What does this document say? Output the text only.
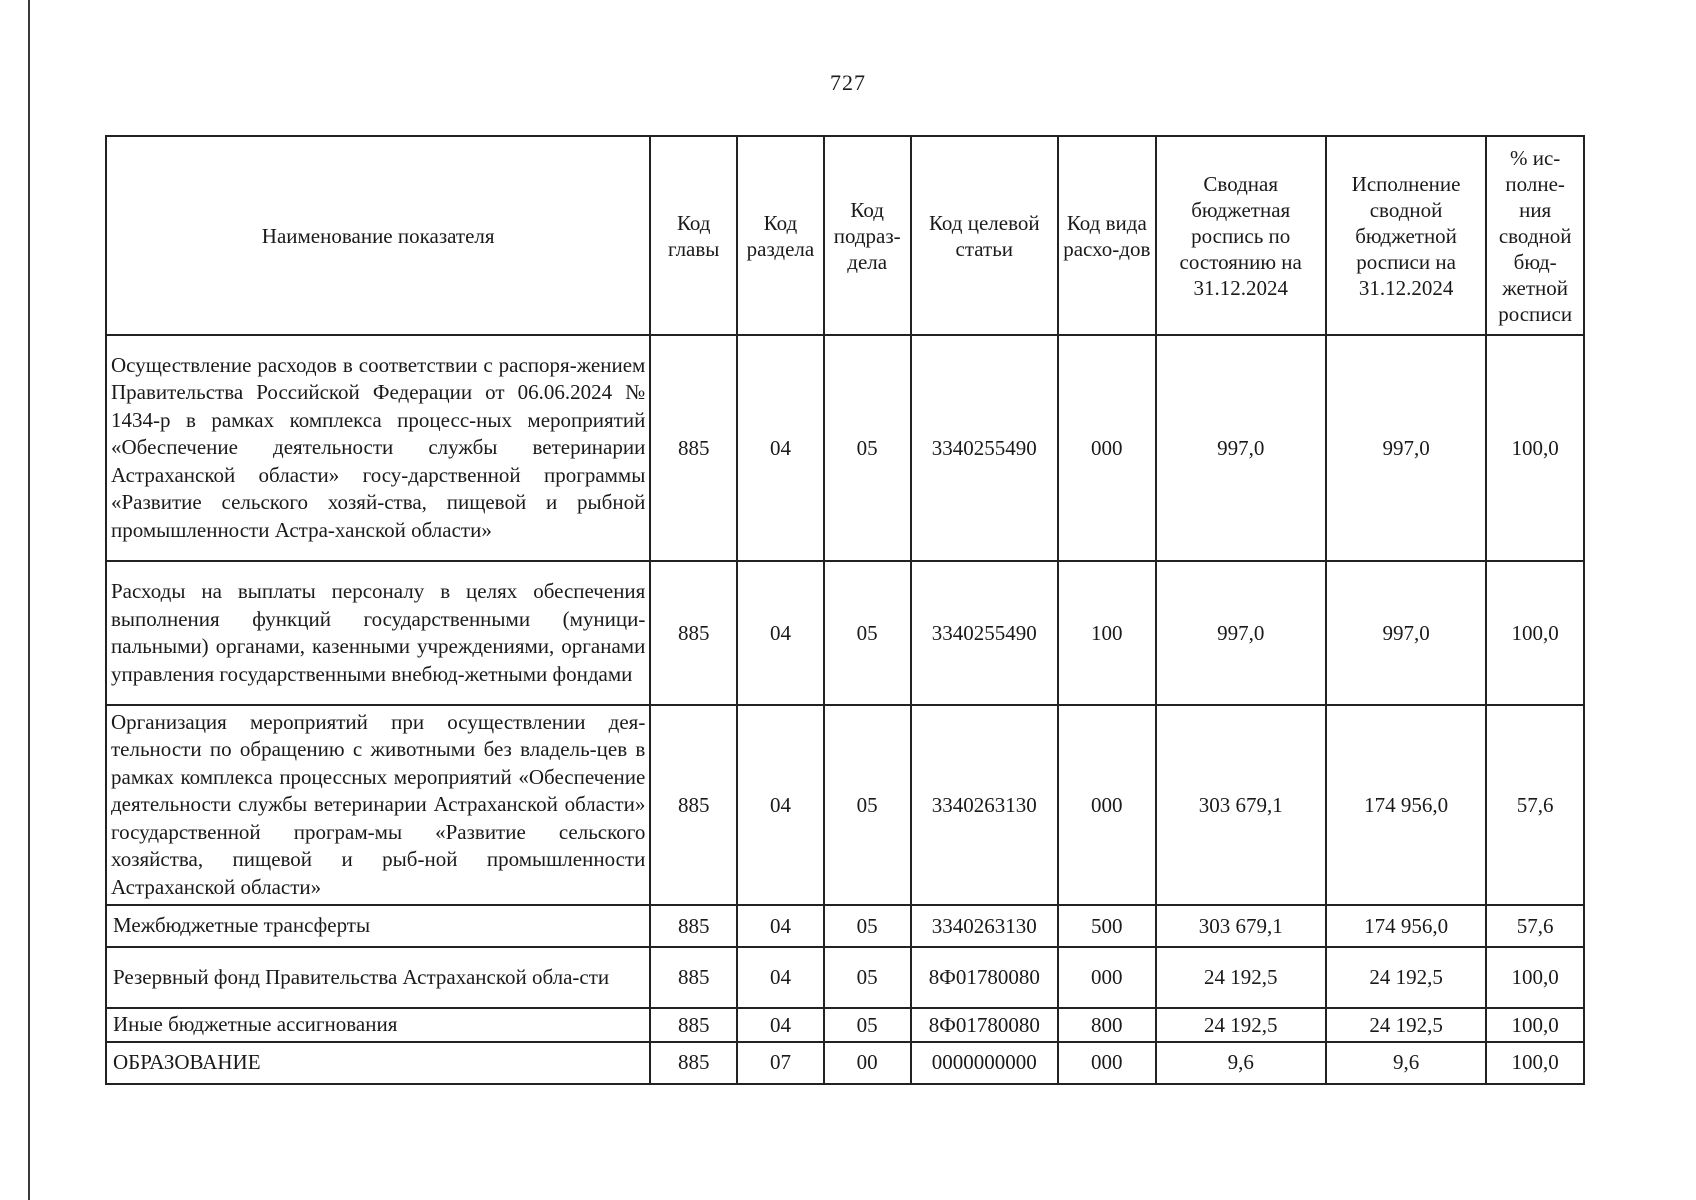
727
Наименование показателя	Код главы	Код раздела	Код подраз-дела	Код целевой статьи	Код вида расхо-дов	Сводная бюджетная роспись по состоянию на 31.12.2024	Исполнение сводной бюджетной росписи на 31.12.2024	% ис-полне-ния сводной бюд-жетной росписи
Осуществление расходов в соответствии с распоря-жением Правительства Российской Федерации от 06.06.2024 № 1434-р в рамках комплекса процесс-ных мероприятий «Обеспечение деятельности службы ветеринарии Астраханской области» госу-дарственной программы «Развитие сельского хозяй-ства, пищевой и рыбной промышленности Астра-ханской области»	885	04	05	3340255490	000	997,0	997,0	100,0
Расходы на выплаты персоналу в целях обеспечения выполнения функций государственными (муници-пальными) органами, казенными учреждениями, органами управления государственными внебюд-жетными фондами	885	04	05	3340255490	100	997,0	997,0	100,0
Организация мероприятий при осуществлении дея-тельности по обращению с животными без владель-цев в рамках комплекса процессных мероприятий «Обеспечение деятельности службы ветеринарии Астраханской области» государственной програм-мы «Развитие сельского хозяйства, пищевой и рыб-ной промышленности Астраханской области»	885	04	05	3340263130	000	303 679,1	174 956,0	57,6
Межбюджетные трансферты	885	04	05	3340263130	500	303 679,1	174 956,0	57,6
Резервный фонд Правительства Астраханской обла-сти	885	04	05	8Ф01780080	000	24 192,5	24 192,5	100,0
Иные бюджетные ассигнования	885	04	05	8Ф01780080	800	24 192,5	24 192,5	100,0
ОБРАЗОВАНИЕ	885	07	00	0000000000	000	9,6	9,6	100,0
